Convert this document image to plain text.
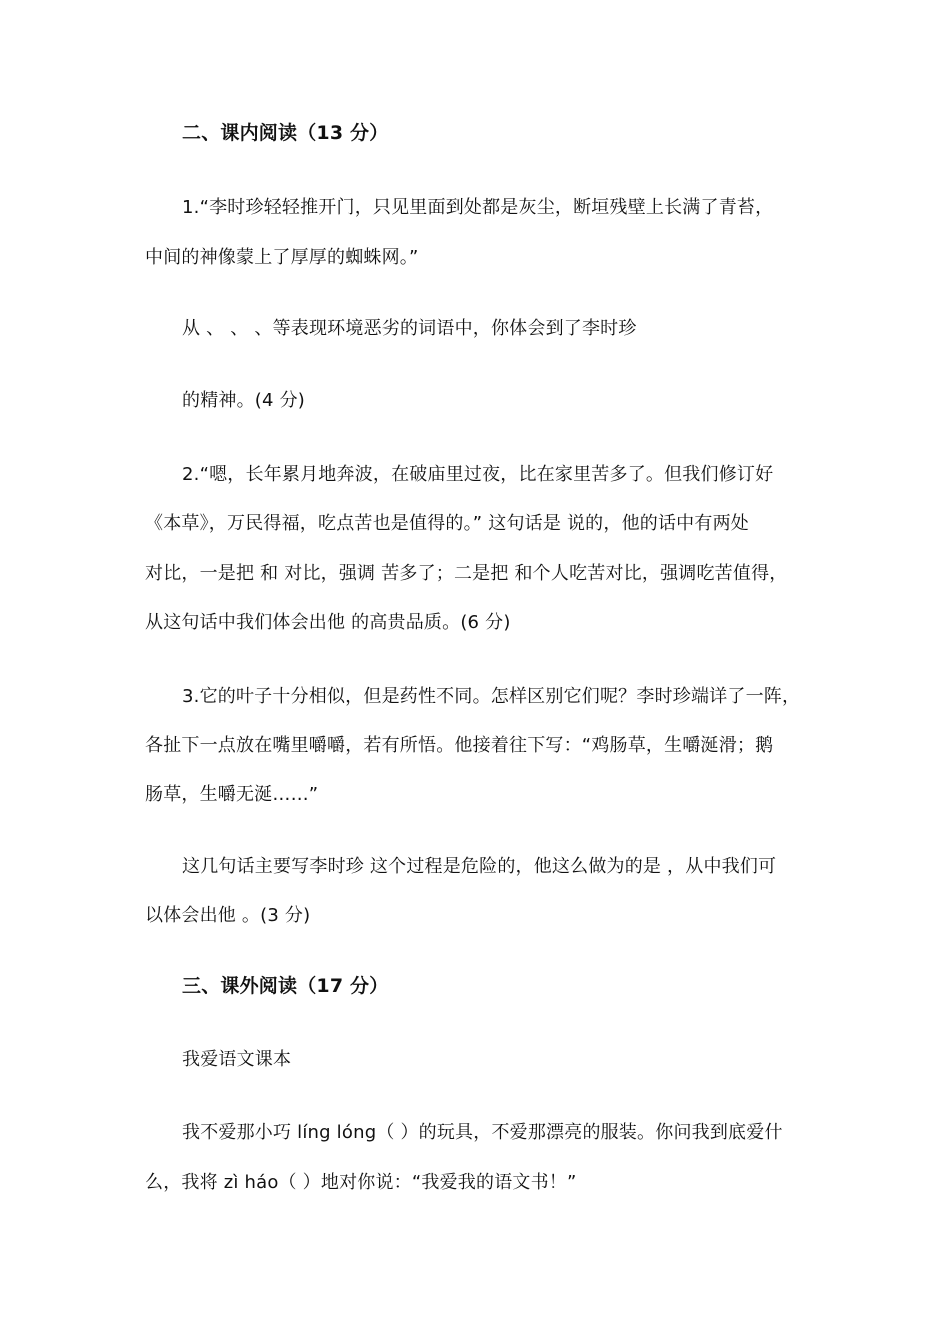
二、课内阅读（13 分）
1.“李时珍轻轻推开门，只见里面到处都是灰尘，断垣残壁上长满了青苔，
中间的神像蒙上了厚厚的蜘蛛网。”
从 、 、 、等表现环境恶劣的词语中，你体会到了李时珍
的精神。(4 分)
2.“嗯，长年累月地奔波，在破庙里过夜，比在家里苦多了。但我们修订好
《本草》，万民得福，吃点苦也是值得的。” 这句话是 说的，他的话中有两处
对比，一是把 和 对比，强调 苦多了；二是把 和个人吃苦对比，强调吃苦值得，
从这句话中我们体会出他 的高贵品质。(6 分)
3.它的叶子十分相似，但是药性不同。怎样区别它们呢？李时珍端详了一阵，
各扯下一点放在嘴里嚼嚼，若有所悟。他接着往下写：“鸡肠草，生嚼涎滑；鹅
肠草，生嚼无涎……”
这几句话主要写李时珍 这个过程是危险的，他这么做为的是 ，从中我们可
以体会出他 。(3 分)
三、课外阅读（17 分）
我爱语文课本
我不爱那小巧 líng lóng（ ）的玩具，不爱那漂亮的服装。你问我到底爱什
么，我将 zì háo（ ）地对你说：“我爱我的语文书！”
